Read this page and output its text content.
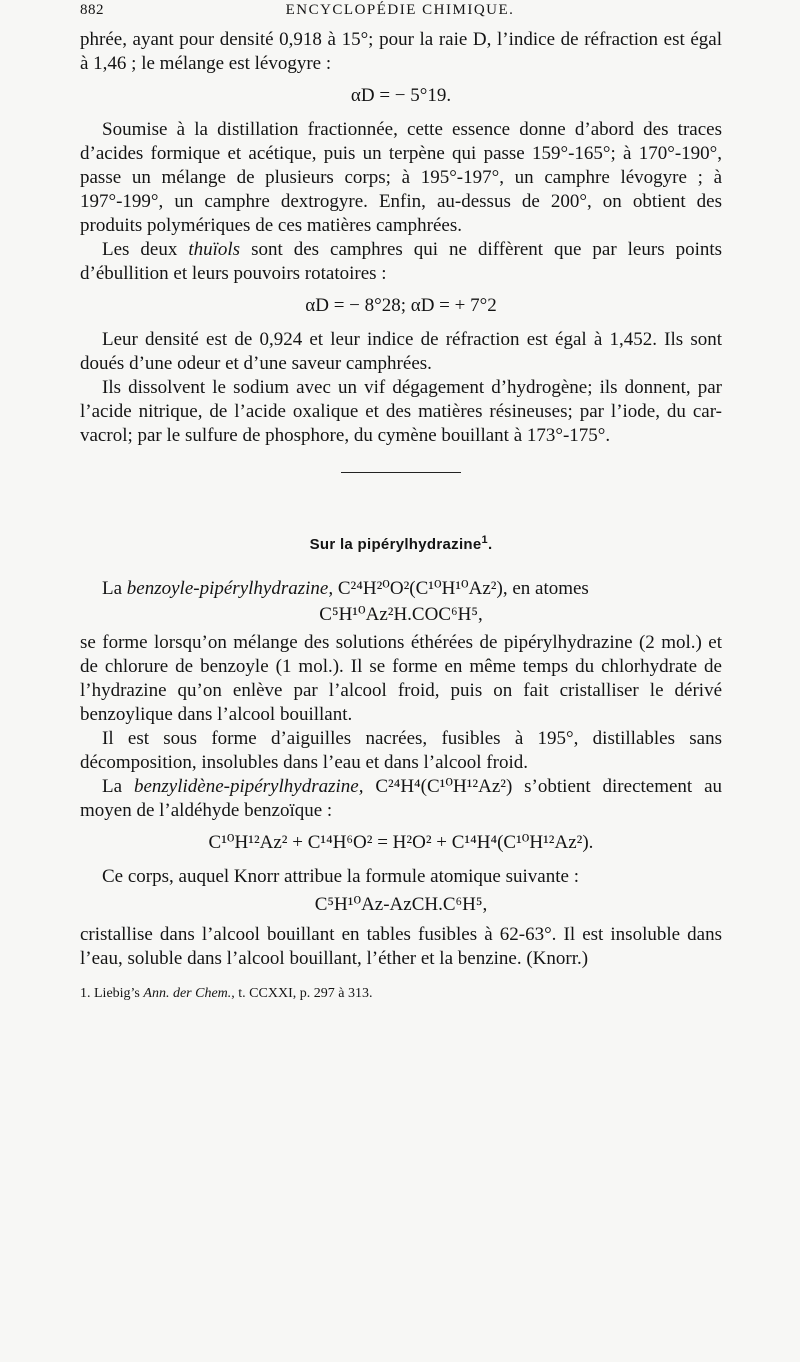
882	ENCYCLOPÉDIE CHIMIQUE.

phrée, ayant pour densité 0,918 à 15°; pour la raie D, l’indice de réfraction est égal à 1,46 ; le mélange est lévogyre :

αD = − 5°19.

Soumise à la distillation fractionnée, cette essence donne d’abord des traces d’acides formique et acétique, puis un terpène qui passe 159°-165°; à 170°-190°, passe un mélange de plusieurs corps; à 195°-197°, un camphre lévogyre ; à 197°-199°, un camphre dextrogyre. Enfin, au-dessus de 200°, on obtient des produits polymériques de ces matières camphrées.

Les deux thuïols sont des camphres qui ne diffèrent que par leurs points d’ébullition et leurs pouvoirs rotatoires :

αD = − 8°28; αD = + 7°2

Leur densité est de 0,924 et leur indice de réfraction est égal à 1,452. Ils sont doués d’une odeur et d’une saveur camphrées.

Ils dissolvent le sodium avec un vif dégagement d’hydrogène; ils donnent, par l’acide nitrique, de l’acide oxalique et des matières résineuses; par l’iode, du car-vacrol; par le sulfure de phosphore, du cymène bouillant à 173°-175°.

Sur la pipérylhydrazine$^1$.

La benzoyle-pipérylhydrazine, C²⁴H²⁰O²(C¹⁰H¹⁰Az²), en atomes

C⁵H¹⁰Az²H.COC⁶H⁵,

se forme lorsqu’on mélange des solutions éthérées de pipérylhydrazine (2 mol.) et de chlorure de benzoyle (1 mol.). Il se forme en même temps du chlorhydrate de l’hydrazine qu’on enlève par l’alcool froid, puis on fait cristalliser le dérivé benzoylique dans l’alcool bouillant.

Il est sous forme d’aiguilles nacrées, fusibles à 195°, distillables sans décomposition, insolubles dans l’eau et dans l’alcool froid.

La benzylidène-pipérylhydrazine, C²⁴H⁴(C¹⁰H¹²Az²) s’obtient directement au moyen de l’aldéhyde benzoïque :

C¹⁰H¹²Az² + C¹⁴H⁶O² = H²O² + C¹⁴H⁴(C¹⁰H¹²Az²).

Ce corps, auquel Knorr attribue la formule atomique suivante :

C⁵H¹⁰Az-AzCH.C⁶H⁵,

cristallise dans l’alcool bouillant en tables fusibles à 62-63°. Il est insoluble dans l’eau, soluble dans l’alcool bouillant, l’éther et la benzine. (Knorr.)

1. Liebig’s Ann. der Chem., t. CCXXI, p. 297 à 313.
